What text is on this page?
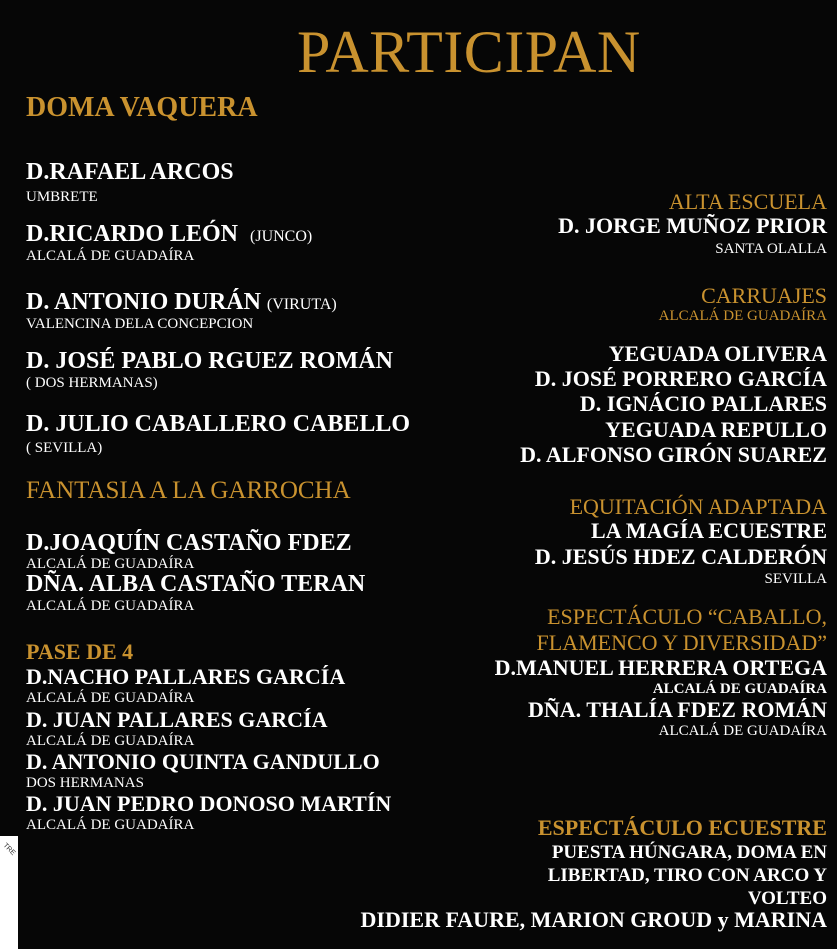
PARTICIPAN
DOMA VAQUERA
D.RAFAEL ARCOS
UMBRETE
D.RICARDO LEÓN (JUNCO)
ALCALÁ DE GUADAÍRA
D. ANTONIO DURÁN (VIRUTA)
VALENCINA DELA CONCEPCION
D. JOSÉ PABLO RGUEZ ROMÁN
( DOS HERMANAS)
D. JULIO CABALLERO CABELLO
( SEVILLA)
FANTASIA A LA GARROCHA
D.JOAQUÍN CASTAÑO FDEZ
ALCALÁ DE GUADAÍRA
DÑA. ALBA CASTAÑO TERAN
ALCALÁ DE GUADAÍRA
PASE DE 4
D.NACHO PALLARES GARCÍA
ALCALÁ DE GUADAÍRA
D. JUAN PALLARES GARCÍA
ALCALÁ DE GUADAÍRA
D. ANTONIO QUINTA GANDULLO
DOS HERMANAS
D. JUAN PEDRO DONOSO MARTÍN
ALCALÁ DE GUADAÍRA
ALTA ESCUELA
D. JORGE MUÑOZ PRIOR
SANTA OLALLA
CARRUAJES
ALCALÁ DE GUADAÍRA
YEGUADA OLIVERA
D. JOSÉ PORRERO GARCÍA
D. IGNÁCIO PALLARES
YEGUADA REPULLO
D. ALFONSO GIRÓN SUAREZ
EQUITACIÓN ADAPTADA
LA MAGÍA ECUESTRE
D. JESÚS HDEZ CALDERÓN
SEVILLA
ESPECTÁCULO “CABALLO,
FLAMENCO Y DIVERSIDAD”
D.MANUEL HERRERA ORTEGA
ALCALÁ DE GUADAÍRA
DÑA. THALÍA FDEZ ROMÁN
ALCALÁ DE GUADAÍRA
ESPECTÁCULO ECUESTRE
PUESTA HÚNGARA, DOMA EN
LIBERTAD, TIRO CON ARCO Y
VOLTEO
DIDIER FAURE, MARION GROUD y MARINA
TRE
